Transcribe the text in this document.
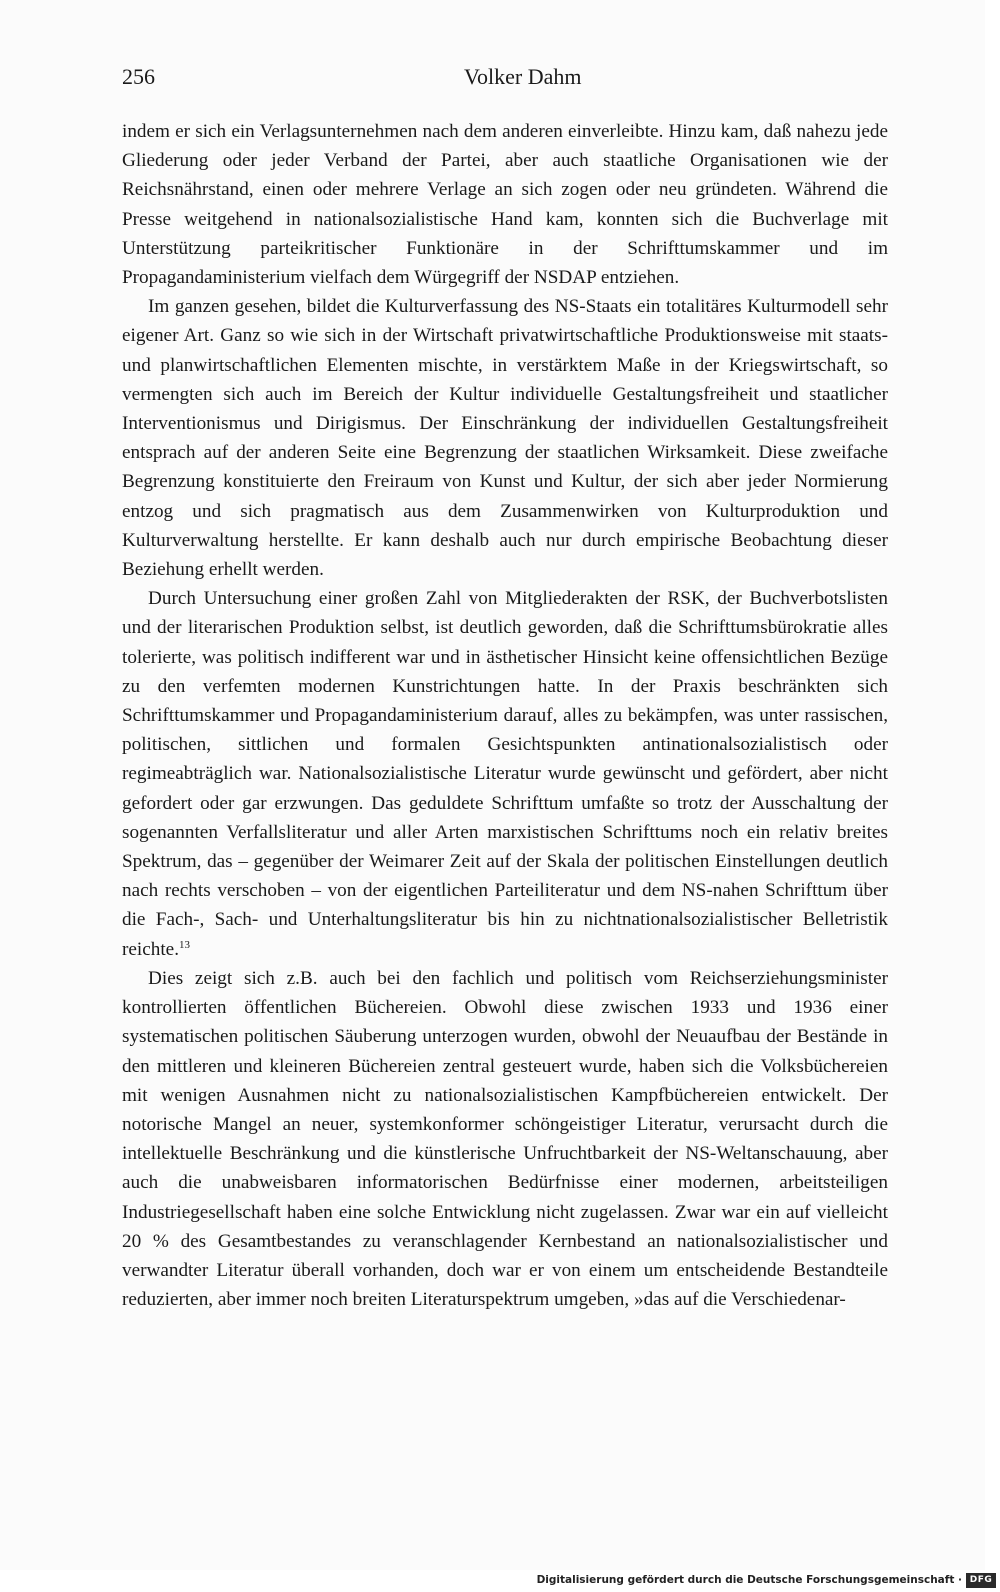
256	Volker Dahm

indem er sich ein Verlagsunternehmen nach dem anderen einverleibte. Hinzu kam, daß nahezu jede Gliederung oder jeder Verband der Partei, aber auch staatliche Organisationen wie der Reichsnährstand, einen oder mehrere Verlage an sich zogen oder neu gründeten. Während die Presse weitgehend in nationalsozialistische Hand kam, konnten sich die Buchverlage mit Unterstützung parteikritischer Funktionäre in der Schrifttumskammer und im Propagandaministerium vielfach dem Würgegriff der NSDAP entziehen.

Im ganzen gesehen, bildet die Kulturverfassung des NS-Staats ein totalitäres Kulturmodell sehr eigener Art. Ganz so wie sich in der Wirtschaft privatwirtschaftliche Produktionsweise mit staats- und planwirtschaftlichen Elementen mischte, in verstärktem Maße in der Kriegswirtschaft, so vermengten sich auch im Bereich der Kultur individuelle Gestaltungsfreiheit und staatlicher Interventionismus und Dirigismus. Der Einschränkung der individuellen Gestaltungsfreiheit entsprach auf der anderen Seite eine Begrenzung der staatlichen Wirksamkeit. Diese zweifache Begrenzung konstituierte den Freiraum von Kunst und Kultur, der sich aber jeder Normierung entzog und sich pragmatisch aus dem Zusammenwirken von Kulturproduktion und Kulturverwaltung herstellte. Er kann deshalb auch nur durch empirische Beobachtung dieser Beziehung erhellt werden.

Durch Untersuchung einer großen Zahl von Mitgliederakten der RSK, der Buchverbotslisten und der literarischen Produktion selbst, ist deutlich geworden, daß die Schrifttumsbürokratie alles tolerierte, was politisch indifferent war und in ästhetischer Hinsicht keine offensichtlichen Bezüge zu den verfemten modernen Kunstrichtungen hatte. In der Praxis beschränkten sich Schrifttumskammer und Propagandaministerium darauf, alles zu bekämpfen, was unter rassischen, politischen, sittlichen und formalen Gesichtspunkten antinationalsozialistisch oder regimeabträglich war. Nationalsozialistische Literatur wurde gewünscht und gefördert, aber nicht gefordert oder gar erzwungen. Das geduldete Schrifttum umfaßte so trotz der Ausschaltung der sogenannten Verfallsliteratur und aller Arten marxistischen Schrifttums noch ein relativ breites Spektrum, das – gegenüber der Weimarer Zeit auf der Skala der politischen Einstellungen deutlich nach rechts verschoben – von der eigentlichen Parteiliteratur und dem NS-nahen Schrifttum über die Fach-, Sach- und Unterhaltungsliteratur bis hin zu nichtnationalsozialistischer Belletristik reichte.$^{13}$

Dies zeigt sich z.B. auch bei den fachlich und politisch vom Reichserziehungsminister kontrollierten öffentlichen Büchereien. Obwohl diese zwischen 1933 und 1936 einer systematischen politischen Säuberung unterzogen wurden, obwohl der Neuaufbau der Bestände in den mittleren und kleineren Büchereien zentral gesteuert wurde, haben sich die Volksbüchereien mit wenigen Ausnahmen nicht zu nationalsozialistischen Kampfbüchereien entwickelt. Der notorische Mangel an neuer, systemkonformer schöngeistiger Literatur, verursacht durch die intellektuelle Beschränkung und die künstlerische Unfruchtbarkeit der NS-Weltanschauung, aber auch die unabweisbaren informatorischen Bedürfnisse einer modernen, arbeitsteiligen Industriegesellschaft haben eine solche Entwicklung nicht zugelassen. Zwar war ein auf vielleicht 20 % des Gesamtbestandes zu veranschlagender Kernbestand an nationalsozialistischer und verwandter Literatur überall vorhanden, doch war er von einem um entscheidende Bestandteile reduzierten, aber immer noch breiten Literaturspektrum umgeben, »das auf die Verschiedenar-

Digitalisierung gefördert durch die Deutsche Forschungsgemeinschaft · DFG
